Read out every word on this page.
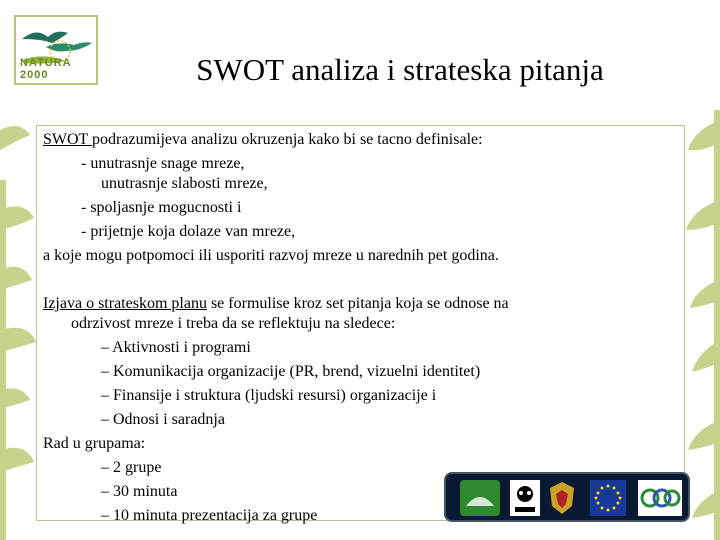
NATURA 2000	SWOT analiza i strateska pitanja
SWOT podrazumijeva analizu okruzenja kako bi se tacno definisale:
- unutrasnje snage mreze,
unutrasnje slabosti mreze,
- spoljasnje mogucnosti i
- prijetnje koja dolaze van mreze,
a koje mogu potpomoci ili usporiti razvoj mreze u narednih pet godina.
Izjava o strateskom planu se formulise kroz set pitanja koja se odnose na
odrzivost mreze i treba da se reflektuju na sledece:
– Aktivnosti i programi
– Komunikacija organizacije (PR, brend, vizuelni identitet)
– Finansije i struktura (ljudski resursi) organizacije i
– Odnosi i saradnja
Rad u grupama:
– 2 grupe
– 30 minuta
– 10 minuta prezentacija za grupe
